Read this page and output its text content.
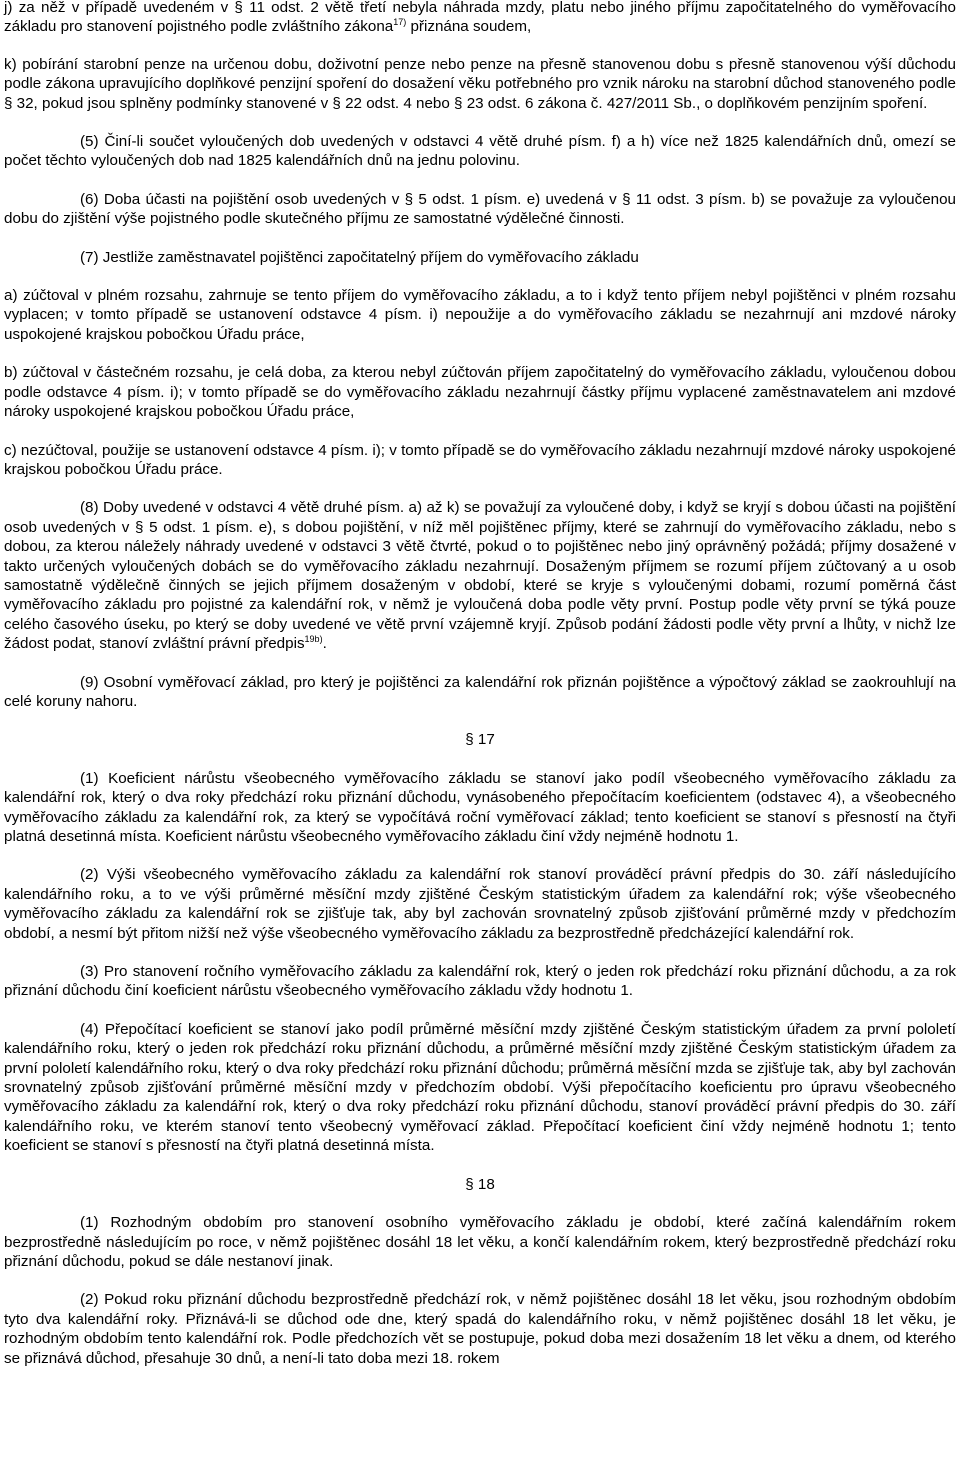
j) za něž v případě uvedeném v § 11 odst. 2 větě třetí nebyla náhrada mzdy, platu nebo jiného příjmu započitatelného do vyměřovacího základu pro stanovení pojistného podle zvláštního zákona$^{17)}$ přiznána soudem,

k) pobírání starobní penze na určenou dobu, doživotní penze nebo penze na přesně stanovenou dobu s přesně stanovenou výší důchodu podle zákona upravujícího doplňkové penzijní spoření do dosažení věku potřebného pro vznik nároku na starobní důchod stanoveného podle § 32, pokud jsou splněny podmínky stanovené v § 22 odst. 4 nebo § 23 odst. 6 zákona č. 427/2011 Sb., o doplňkovém penzijním spoření.

(5) Činí-li součet vyloučených dob uvedených v odstavci 4 větě druhé písm. f) a h) více než 1825 kalendářních dnů, omezí se počet těchto vyloučených dob nad 1825 kalendářních dnů na jednu polovinu.

(6) Doba účasti na pojištění osob uvedených v § 5 odst. 1 písm. e) uvedená v § 11 odst. 3 písm. b) se považuje za vyloučenou dobu do zjištění výše pojistného podle skutečného příjmu ze samostatné výdělečné činnosti.

(7) Jestliže zaměstnavatel pojištěnci započitatelný příjem do vyměřovacího základu

a) zúčtoval v plném rozsahu, zahrnuje se tento příjem do vyměřovacího základu, a to i když tento příjem nebyl pojištěnci v plném rozsahu vyplacen; v tomto případě se ustanovení odstavce 4 písm. i) nepoužije a do vyměřovacího základu se nezahrnují ani mzdové nároky uspokojené krajskou pobočkou Úřadu práce,

b) zúčtoval v částečném rozsahu, je celá doba, za kterou nebyl zúčtován příjem započitatelný do vyměřovacího základu, vyloučenou dobou podle odstavce 4 písm. i); v tomto případě se do vyměřovacího základu nezahrnují částky příjmu vyplacené zaměstnavatelem ani mzdové nároky uspokojené krajskou pobočkou Úřadu práce,

c) nezúčtoval, použije se ustanovení odstavce 4 písm. i); v tomto případě se do vyměřovacího základu nezahrnují mzdové nároky uspokojené krajskou pobočkou Úřadu práce.

(8) Doby uvedené v odstavci 4 větě druhé písm. a) až k) se považují za vyloučené doby, i když se kryjí s dobou účasti na pojištění osob uvedených v § 5 odst. 1 písm. e), s dobou pojištění, v níž měl pojištěnec příjmy, které se zahrnují do vyměřovacího základu, nebo s dobou, za kterou náležely náhrady uvedené v odstavci 3 větě čtvrté, pokud o to pojištěnec nebo jiný oprávněný požádá; příjmy dosažené v takto určených vyloučených dobách se do vyměřovacího základu nezahrnují. Dosaženým příjmem se rozumí příjem zúčtovaný a u osob samostatně výdělečně činných se jejich příjmem dosaženým v období, které se kryje s vyloučenými dobami, rozumí poměrná část vyměřovacího základu pro pojistné za kalendářní rok, v němž je vyloučená doba podle věty první. Postup podle věty první se týká pouze celého časového úseku, po který se doby uvedené ve větě první vzájemně kryjí. Způsob podání žádosti podle věty první a lhůty, v nichž lze žádost podat, stanoví zvláštní právní předpis$^{19b)}$.

(9) Osobní vyměřovací základ, pro který je pojištěnci za kalendářní rok přiznán pojištěnce a výpočtový základ se zaokrouhlují na celé koruny nahoru.

§ 17

(1) Koeficient nárůstu všeobecného vyměřovacího základu se stanoví jako podíl všeobecného vyměřovacího základu za kalendářní rok, který o dva roky předchází roku přiznání důchodu, vynásobeného přepočítacím koeficientem (odstavec 4), a všeobecného vyměřovacího základu za kalendářní rok, za který se vypočítává roční vyměřovací základ; tento koeficient se stanoví s přesností na čtyři platná desetinná místa. Koeficient nárůstu všeobecného vyměřovacího základu činí vždy nejméně hodnotu 1.

(2) Výši všeobecného vyměřovacího základu za kalendářní rok stanoví prováděcí právní předpis do 30. září následujícího kalendářního roku, a to ve výši průměrné měsíční mzdy zjištěné Českým statistickým úřadem za kalendářní rok; výše všeobecného vyměřovacího základu za kalendářní rok se zjišťuje tak, aby byl zachován srovnatelný způsob zjišťování průměrné mzdy v předchozím období, a nesmí být přitom nižší než výše všeobecného vyměřovacího základu za bezprostředně předcházející kalendářní rok.

(3) Pro stanovení ročního vyměřovacího základu za kalendářní rok, který o jeden rok předchází roku přiznání důchodu, a za rok přiznání důchodu činí koeficient nárůstu všeobecného vyměřovacího základu vždy hodnotu 1.

(4) Přepočítací koeficient se stanoví jako podíl průměrné měsíční mzdy zjištěné Českým statistickým úřadem za první pololetí kalendářního roku, který o jeden rok předchází roku přiznání důchodu, a průměrné měsíční mzdy zjištěné Českým statistickým úřadem za první pololetí kalendářního roku, který o dva roky předchází roku přiznání důchodu; průměrná měsíční mzda se zjišťuje tak, aby byl zachován srovnatelný způsob zjišťování průměrné měsíční mzdy v předchozím období. Výši přepočítacího koeficientu pro úpravu všeobecného vyměřovacího základu za kalendářní rok, který o dva roky předchází roku přiznání důchodu, stanoví prováděcí právní předpis do 30. září kalendářního roku, ve kterém stanoví tento všeobecný vyměřovací základ. Přepočítací koeficient činí vždy nejméně hodnotu 1; tento koeficient se stanoví s přesností na čtyři platná desetinná místa.

§ 18

(1) Rozhodným obdobím pro stanovení osobního vyměřovacího základu je období, které začíná kalendářním rokem bezprostředně následujícím po roce, v němž pojištěnec dosáhl 18 let věku, a končí kalendářním rokem, který bezprostředně předchází roku přiznání důchodu, pokud se dále nestanoví jinak.

(2) Pokud roku přiznání důchodu bezprostředně předchází rok, v němž pojištěnec dosáhl 18 let věku, jsou rozhodným obdobím tyto dva kalendářní roky. Přiznává-li se důchod ode dne, který spadá do kalendářního roku, v němž pojištěnec dosáhl 18 let věku, je rozhodným obdobím tento kalendářní rok. Podle předchozích vět se postupuje, pokud doba mezi dosažením 18 let věku a dnem, od kterého se přiznává důchod, přesahuje 30 dnů, a není-li tato doba mezi 18. rokem
